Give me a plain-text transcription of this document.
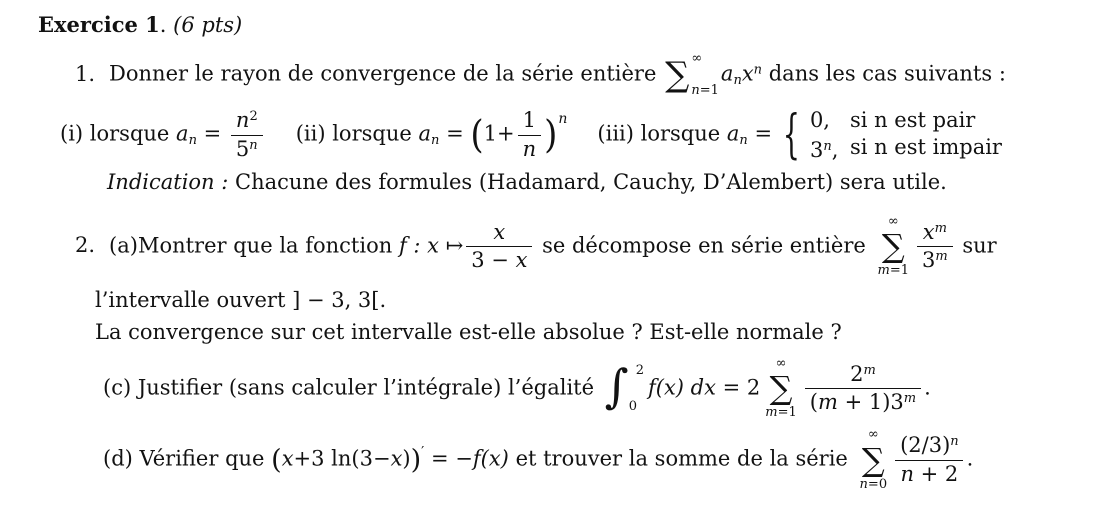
Exercice 1. (6 pts)
1. Donner le rayon de convergence de la série entière ∑ ∞
n=1
$a_nx^n$ dans les cas suivants :
(i) lorsque $a_n = \frac{n^2}{5^n} (ii)$ lorsque $a_n = (1+ \frac{1}{n} )^n(iii)$ lorsque $a_n$ = { 0, si n est pair
3$^n$, si n est impair
Indication : Chacune des formules (Hadamard, Cauchy, D’Alembert) sera utile.
2. (a)Montrer que la fonction f : x ↦ $\frac{x}{3 - x}$ se décompose en série entière
∞
∑
$m=1 \frac{x^m}{3^m}$ sur
l’intervalle ouvert ] − 3, 3[.
La convergence sur cet intervalle est-elle absolue ? Est-elle normale ?
(c) Justifier (sans calculer l’intégrale) l’égalité ∫ 2
0
f(x) dx = 2
∞
∑
$m=1 \frac{2^m}{(m + 1)3^m}$ .
(d) Vérifier que (x+3 ln(3−x))′ = −f(x) et trouver la somme de la série
∞
∑
$n=0 \frac{(2/3)^n}{n + 2}$ .
